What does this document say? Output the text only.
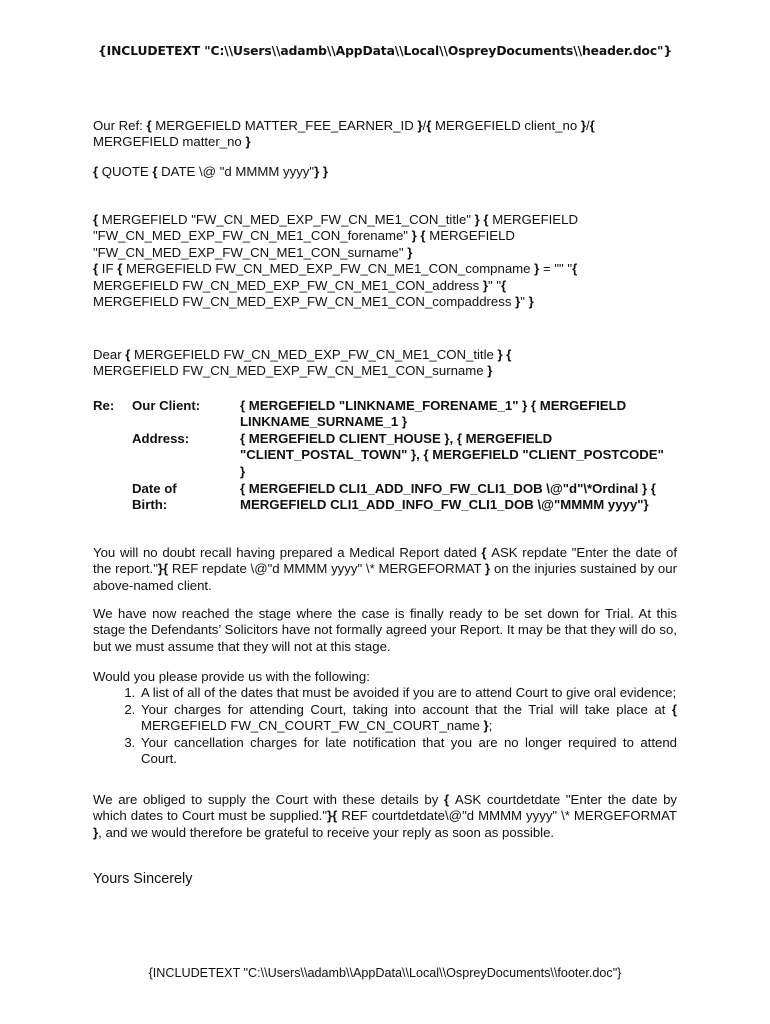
{INCLUDETEXT "C:\\Users\\adamb\\AppData\\Local\\OspreyDocuments\\header.doc"}
Our Ref: { MERGEFIELD MATTER_FEE_EARNER_ID }/{ MERGEFIELD client_no }/{
MERGEFIELD matter_no }
{ QUOTE { DATE \@ "d MMMM yyyy"} }
{ MERGEFIELD "FW_CN_MED_EXP_FW_CN_ME1_CON_title" } { MERGEFIELD
"FW_CN_MED_EXP_FW_CN_ME1_CON_forename" } { MERGEFIELD
"FW_CN_MED_EXP_FW_CN_ME1_CON_surname" }
{ IF { MERGEFIELD FW_CN_MED_EXP_FW_CN_ME1_CON_compname } = "" "{
MERGEFIELD FW_CN_MED_EXP_FW_CN_ME1_CON_address }" "{
MERGEFIELD FW_CN_MED_EXP_FW_CN_ME1_CON_compaddress }" }
Dear { MERGEFIELD FW_CN_MED_EXP_FW_CN_ME1_CON_title } {
MERGEFIELD FW_CN_MED_EXP_FW_CN_ME1_CON_surname }
Re: Our Client:	{ MERGEFIELD "LINKNAME_FORENAME_1" } { MERGEFIELD LINKNAME_SURNAME_1 }
Address:	{ MERGEFIELD CLIENT_HOUSE }, { MERGEFIELD "CLIENT_POSTAL_TOWN" }, { MERGEFIELD "CLIENT_POSTCODE" }
Date of Birth:
{ MERGEFIELD CLI1_ADD_INFO_FW_CLI1_DOB \@"d"\*Ordinal } { MERGEFIELD CLI1_ADD_INFO_FW_CLI1_DOB \@"MMMM yyyy"}
You will no doubt recall having prepared a Medical Report dated { ASK repdate "Enter the date of the report."}{ REF repdate \@"d MMMM yyyy" \* MERGEFORMAT } on the injuries sustained by our above-named client.
We have now reached the stage where the case is finally ready to be set down for Trial. At this stage the Defendants’ Solicitors have not formally agreed your Report. It may be that they will do so, but we must assume that they will not at this stage.
Would you please provide us with the following:
1. A list of all of the dates that must be avoided if you are to attend Court to give oral evidence;
2. Your charges for attending Court, taking into account that the Trial will take place at { MERGEFIELD FW_CN_COURT_FW_CN_COURT_name };
3. Your cancellation charges for late notification that you are no longer required to attend Court.
We are obliged to supply the Court with these details by { ASK courtdetdate "Enter the date by which dates to Court must be supplied."}{ REF courtdetdate\@"d MMMM yyyy" \* MERGEFORMAT }, and we would therefore be grateful to receive your reply as soon as possible.
Yours Sincerely
{INCLUDETEXT "C:\\Users\\adamb\\AppData\\Local\\OspreyDocuments\\footer.doc"}
